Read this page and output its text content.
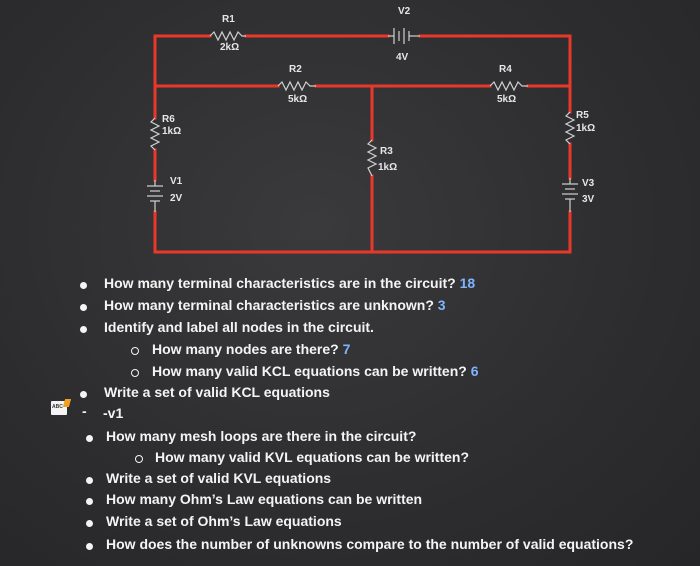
R1
2kΩ
V2
4V
R2
5kΩ
R4
5kΩ
R6
1kΩ
R5
1kΩ
R3
1kΩ
V1
2V
V3
3V
How many terminal characteristics are in the circuit? 18
How many terminal characteristics are unknown? 3
Identify and label all nodes in the circuit.
How many nodes are there? 7
How many valid KCL equations can be written? 6
Write a set of valid KCL equations
ABC - -v1
How many mesh loops are there in the circuit?
How many valid KVL equations can be written?
Write a set of valid KVL equations
How many Ohm’s Law equations can be written
Write a set of Ohm’s Law equations
How does the number of unknowns compare to the number of valid equations?
